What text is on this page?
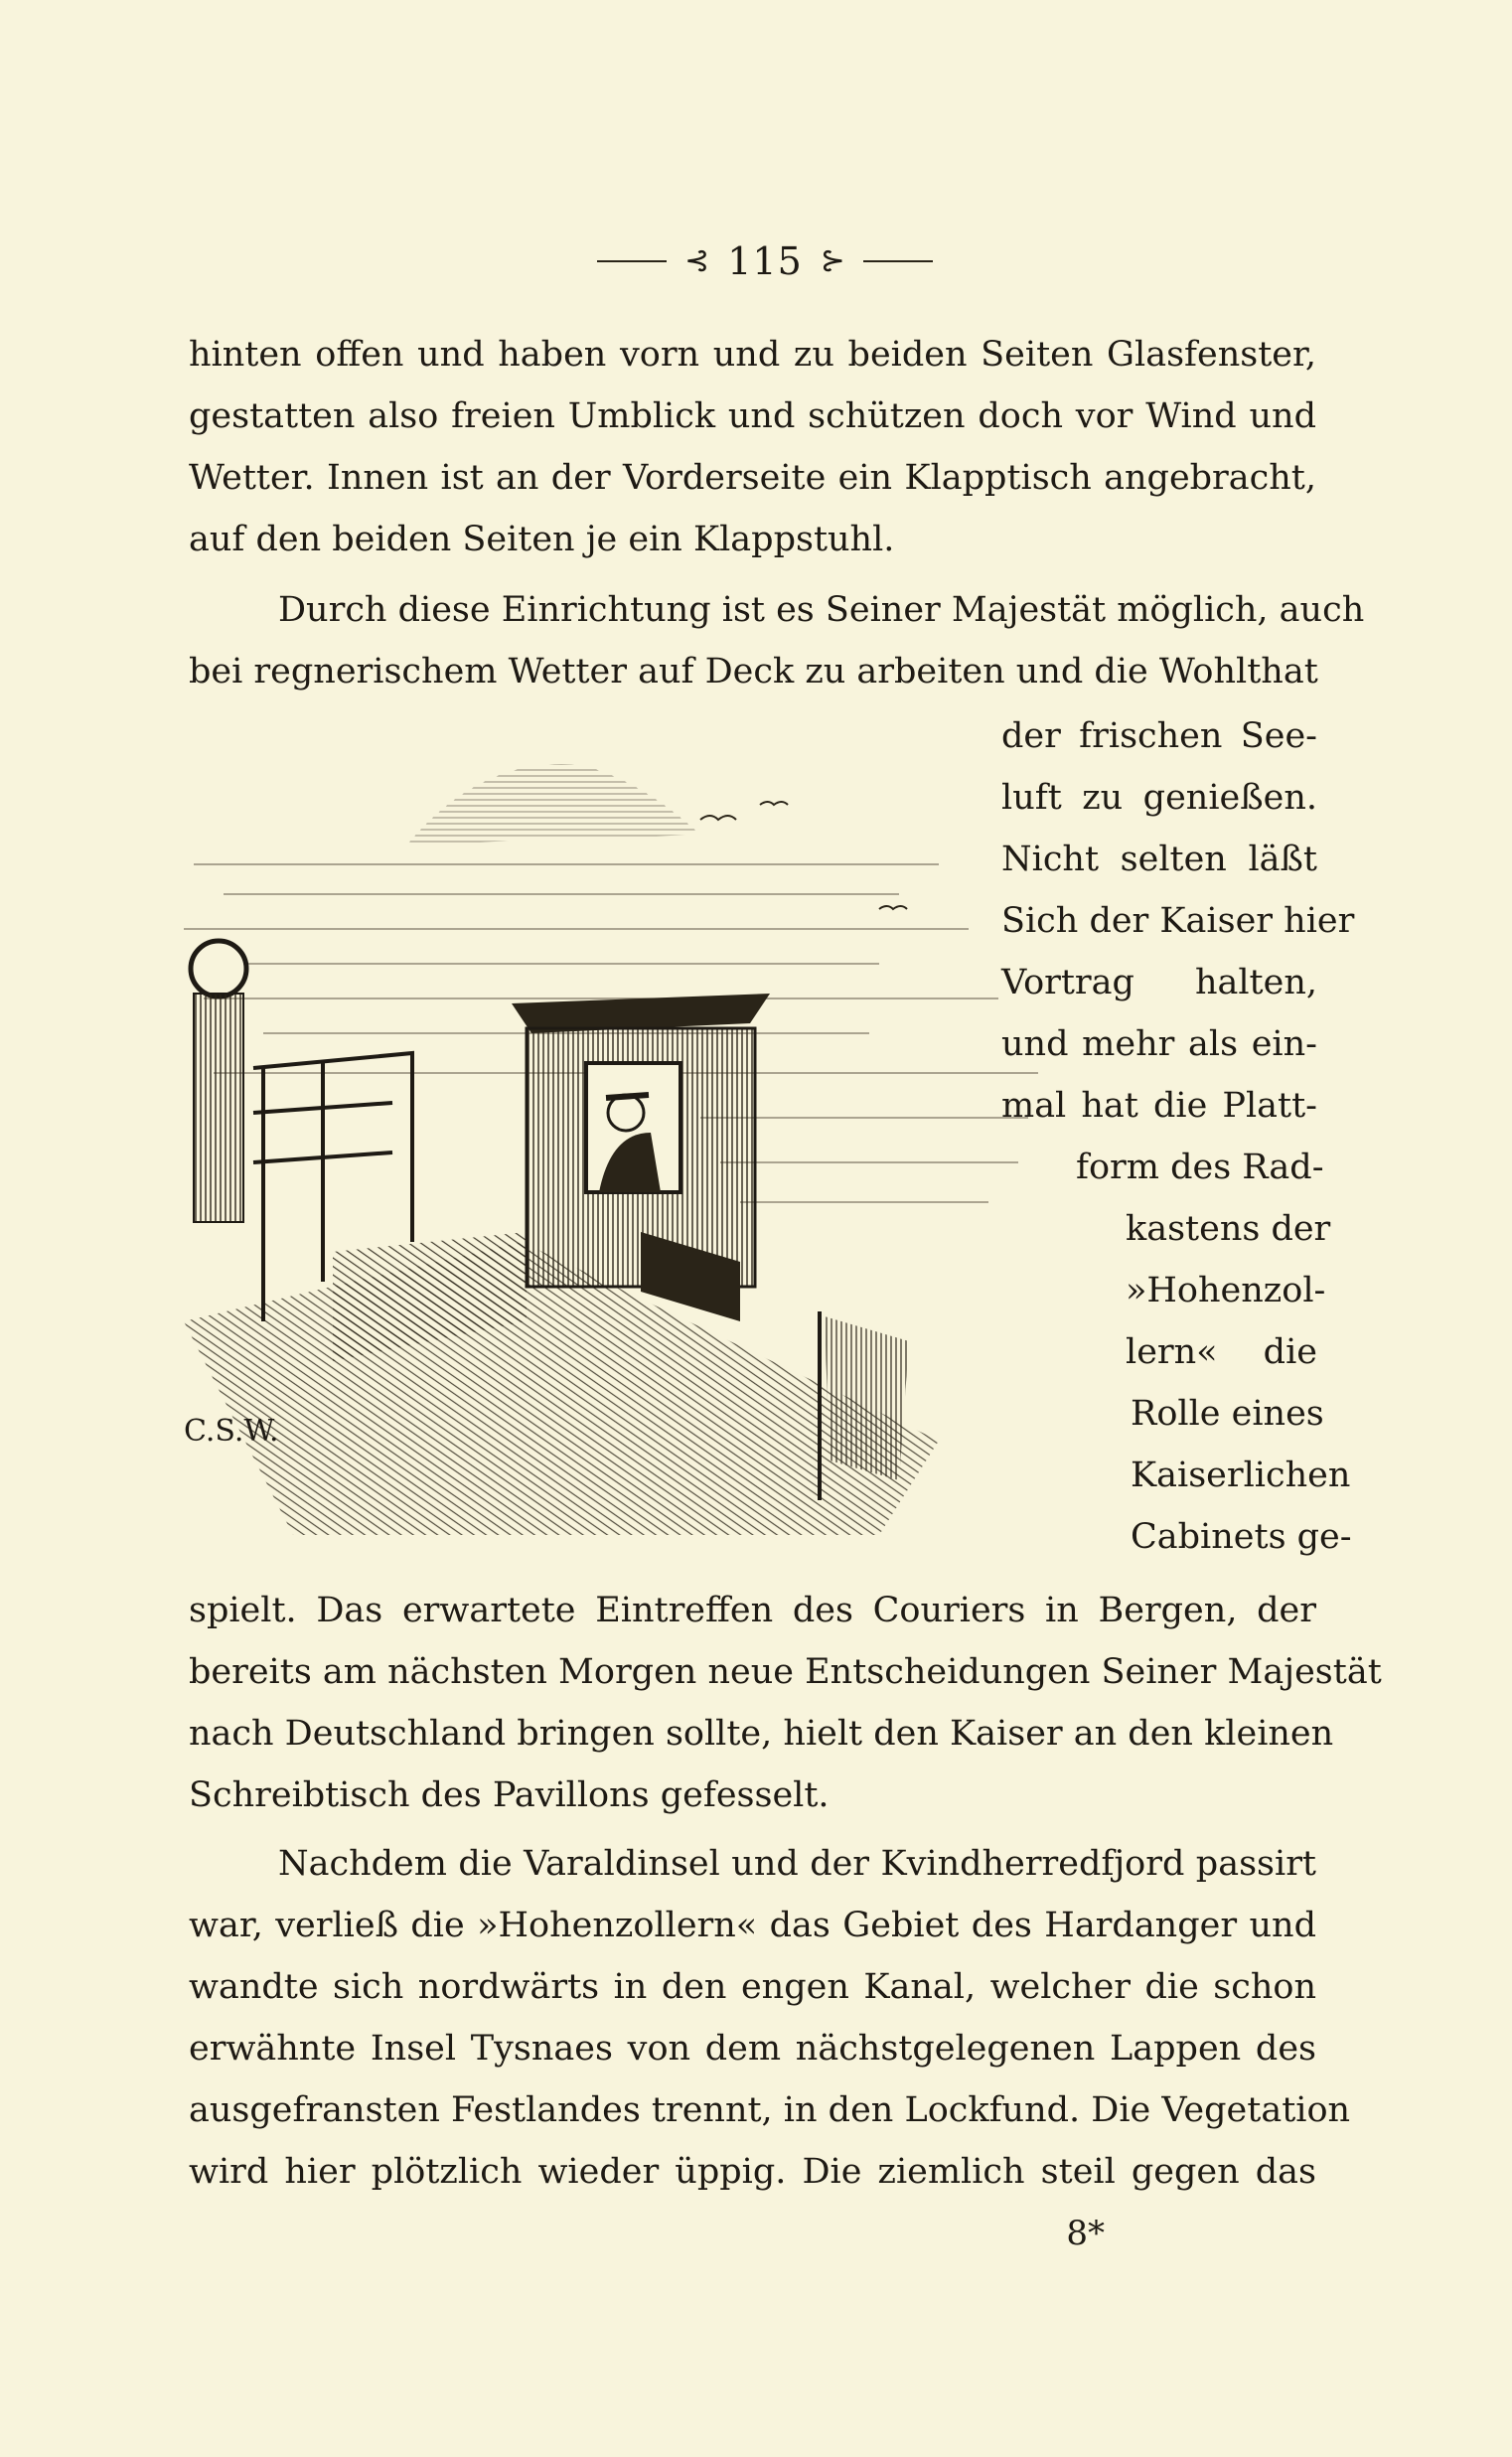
⊰ 115 ⊱
hinten offen und haben vorn und zu beiden Seiten Glasfenster,
gestatten also freien Umblick und schützen doch vor Wind und
Wetter. Innen ist an der Vorderseite ein Klapptisch angebracht,
auf den beiden Seiten je ein Klappstuhl.
Durch diese Einrichtung ist es Seiner Majestät möglich, auch
bei regnerischem Wetter auf Deck zu arbeiten und die Wohlthat
der frischen See-
luft zu genießen.
Nicht selten läßt
Sich der Kaiser hier
Vortrag halten,
und mehr als ein-
mal hat die Platt-
form des Rad-
kastens der
»Hohenzol-
lern« die
Rolle eines
Kaiserlichen
Cabinets ge-
C.S.W.
spielt. Das erwartete Eintreffen des Couriers in Bergen, der
bereits am nächsten Morgen neue Entscheidungen Seiner Majestät
nach Deutschland bringen sollte, hielt den Kaiser an den kleinen
Schreibtisch des Pavillons gefesselt.
Nachdem die Varaldinsel und der Kvindherredfjord passirt
war, verließ die »Hohenzollern« das Gebiet des Hardanger und
wandte sich nordwärts in den engen Kanal, welcher die schon
erwähnte Insel Tysnaes von dem nächstgelegenen Lappen des
ausgefransten Festlandes trennt, in den Lockfund. Die Vegetation
wird hier plötzlich wieder üppig. Die ziemlich steil gegen das
8*
